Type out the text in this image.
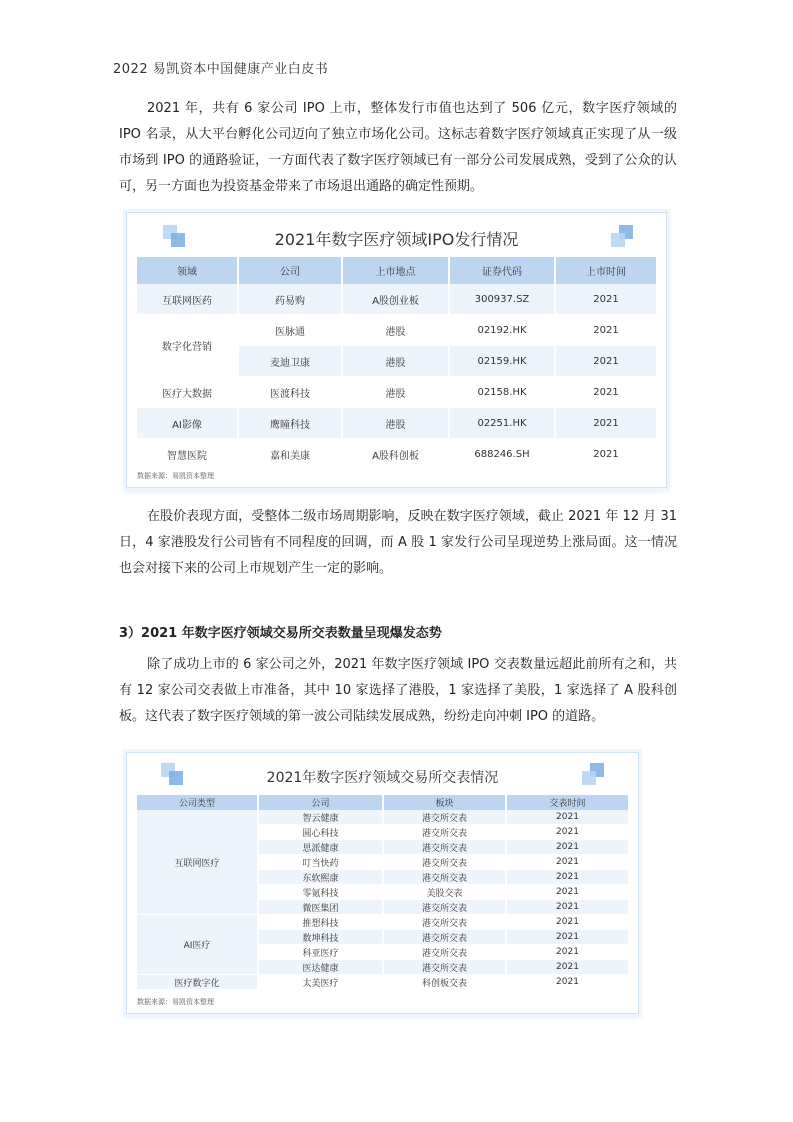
2022 易凯资本中国健康产业白皮书

2021 年，共有 6 家公司 IPO 上市，整体发行市值也达到了 506 亿元，数字医疗领域的 IPO 名录，从大平台孵化公司迈向了独立市场化公司。这标志着数字医疗领域真正实现了从一级市场到 IPO 的通路验证，一方面代表了数字医疗领域已有一部分公司发展成熟，受到了公众的认可，另一方面也为投资基金带来了市场退出通路的确定性预期。

2021年数字医疗领域IPO发行情况
领域	公司	上市地点	证券代码	上市时间
互联网医药	药易购	A股创业板	300937.SZ	2021
数字化营销	医脉通	港股	02192.HK	2021
	麦迪卫康	港股	02159.HK	2021
医疗大数据	医渡科技	港股	02158.HK	2021
AI影像	鹰瞳科技	港股	02251.HK	2021
智慧医院	嘉和美康	A股科创板	688246.SH	2021
数据来源：易凯资本整理

在股价表现方面，受整体二级市场周期影响，反映在数字医疗领域，截止 2021 年 12 月 31 日，4 家港股发行公司皆有不同程度的回调，而 A 股 1 家发行公司呈现逆势上涨局面。这一情况也会对接下来的公司上市规划产生一定的影响。

3）2021 年数字医疗领域交易所交表数量呈现爆发态势

除了成功上市的 6 家公司之外，2021 年数字医疗领域 IPO 交表数量远超此前所有之和，共有 12 家公司交表做上市准备，其中 10 家选择了港股，1 家选择了美股，1 家选择了 A 股科创板。这代表了数字医疗领域的第一波公司陆续发展成熟，纷纷走向冲刺 IPO 的道路。

2021年数字医疗领域交易所交表情况
公司类型	公司	板块	交表时间
互联网医疗	智云健康	港交所交表	2021
	圆心科技	港交所交表	2021
	思派健康	港交所交表	2021
	叮当快药	港交所交表	2021
	东软熙康	港交所交表	2021
	零氪科技	美股交表	2021
	微医集团	港交所交表	2021
AI医疗	推想科技	港交所交表	2021
	数坤科技	港交所交表	2021
	科亚医疗	港交所交表	2021
	医达健康	港交所交表	2021
医疗数字化	太美医疗	科创板交表	2021
数据来源：易凯资本整理
